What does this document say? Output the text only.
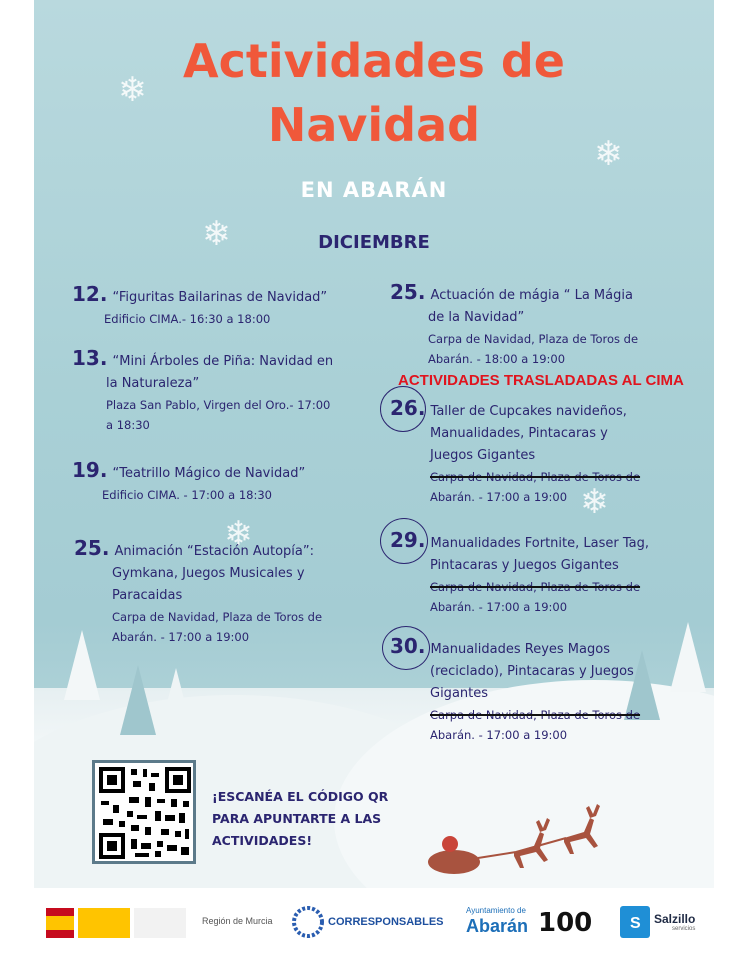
❄
❄
❄
❄
❄
Actividades de
Navidad
EN ABARÁN
DICIEMBRE
12. “Figuritas Bailarinas de Navidad”
Edificio CIMA.- 16:30 a 18:00
13. “Mini Árboles de Piña: Navidad en
la Naturaleza”
Plaza San Pablo, Virgen del Oro.- 17:00
a 18:30
19. “Teatrillo Mágico de Navidad”
Edificio CIMA. - 17:00 a 18:30
25. Animación “Estación Autopía”:
Gymkana, Juegos Musicales y
Paracaidas
Carpa de Navidad, Plaza de Toros de
Abarán. - 17:00 a 19:00
25. Actuación de mágia “ La Mágia
de la Navidad”
Carpa de Navidad, Plaza de Toros de
Abarán. - 18:00 a 19:00
ACTIVIDADES TRASLADADAS AL CIMA
26. Taller de Cupcakes navideños,
Manualidades, Pintacaras y
Juegos Gigantes
Carpa de Navidad, Plaza de Toros de
Abarán. - 17:00 a 19:00
29. Manualidades Fortnite, Laser Tag,
Pintacaras y Juegos Gigantes
Carpa de Navidad, Plaza de Toros de
Abarán. - 17:00 a 19:00
30. Manualidades Reyes Magos
(reciclado), Pintacaras y Juegos
Gigantes
Carpa de Navidad, Plaza de Toros de
Abarán. - 17:00 a 19:00
¡ESCANÉA EL CÓDIGO QR
PARA APUNTARTE A LAS
ACTIVIDADES!
Región de Murcia	CORRESPONSABLES
Ayuntamiento de
Abarán 100 S Salzillo
servicios
